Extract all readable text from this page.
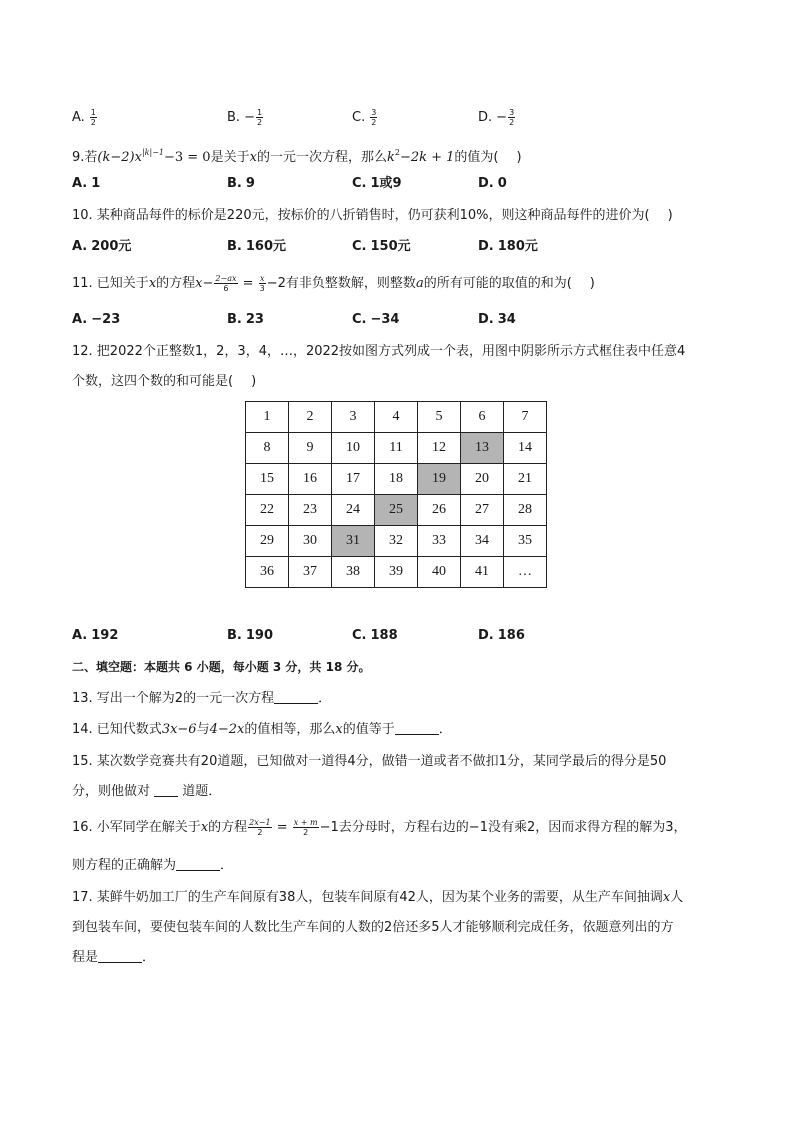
A. $\frac{1}{2}$	B. − $\frac{1}{2}$	C. $\frac{3}{2}$	D. − $\frac{3}{2}$
9.若$(k-2)x^{|k|-1}-3 = 0$是关于x的一元一次方程，那么$k^2-2k + 1$的值为( )
A. 1	B. 9	C. 1或9	D. 0
10. 某种商品每件的标价是220元，按标价的八折销售时，仍可获利10%，则这种商品每件的进价为( )
A. 200元	B. 160元	C. 150元	D. 180元
11. 已知关于x的方程$x- \frac{2-ax}{6} = \frac{x}{3} -2$有非负整数解，则整数a的所有可能的取值的和为( )
A. −23	B. 23	C. −34	D. 34
12. 把2022个正整数1，2，3，4，…，2022按如图方式列成一个表，用图中阴影所示方式框住表中任意4
个数，这四个数的和可能是( )
1	2	3	4	5	6	7
8	9	10	11	12	13	14
15	16	17	18	19	20	21
22	23	24	25	26	27	28
29	30	31	32	33	34	35
36	37	38	39	40	41	…
A. 192	B. 190	C. 188	D. 186
二、填空题：本题共 6 小题，每小题 3 分，共 18 分。
13. 写出一个解为2的一元一次方程	．
14. 已知代数式3x−6与4−2x的值相等，那么x的值等于	．
15. 某次数学竞赛共有20道题，已知做对一道得4分，做错一道或者不做扣1分，某同学最后的得分是50
分，则他做对 道题．
16. 小军同学在解关于x的方程 $\frac{2x-1}{2} = \frac{x + m}{2} -1$去分母时，方程右边的−1没有乘2，因而求得方程的解为3，
则方程的正确解为	．
17. 某鲜牛奶加工厂的生产车间原有38人，包装车间原有42人，因为某个业务的需要，从生产车间抽调x人
到包装车间，要使包装车间的人数比生产车间的人数的2倍还多5人才能够顺利完成任务，依题意列出的方
程是	．
